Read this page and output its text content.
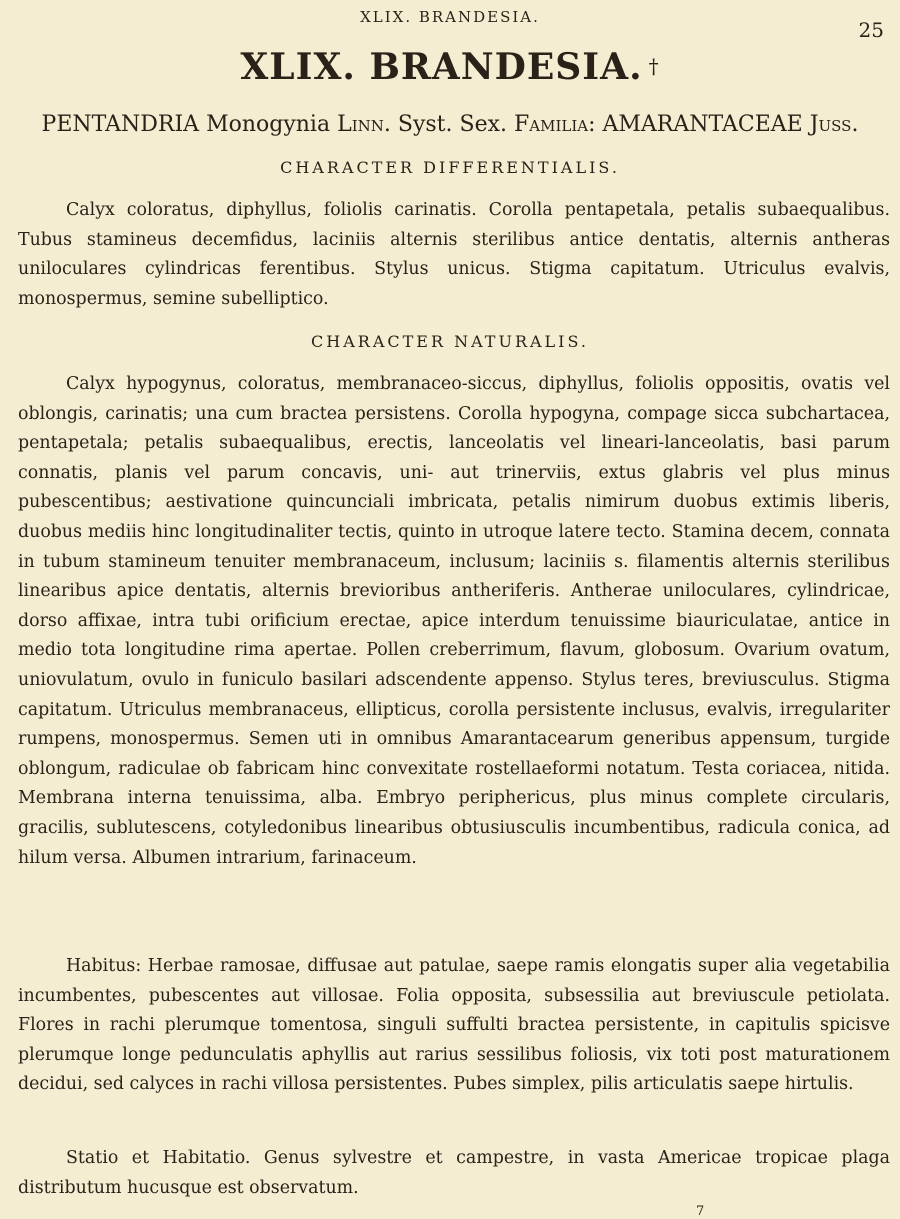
XLIX. BRANDESIA.
25
XLIX. BRANDESIA. †
PENTANDRIA Monogynia Linn. Syst. Sex. Familia: AMARANTACEAE Juss.
CHARACTER DIFFERENTIALIS.

Calyx coloratus, diphyllus, foliolis carinatis. Corolla pentapetala, petalis subaequalibus. Tubus stamineus decemfidus, laciniis alternis sterilibus antice dentatis, alternis antheras uniloculares cylindricas ferentibus. Stylus unicus. Stigma capitatum. Utriculus evalvis, monospermus, semine subelliptico.

CHARACTER NATURALIS.

Calyx hypogynus, coloratus, membranaceo-siccus, diphyllus, foliolis oppositis, ovatis vel oblongis, carinatis; una cum bractea persistens. Corolla hypogyna, compage sicca subchartacea, pentapetala; petalis subaequalibus, erectis, lanceolatis vel lineari-lanceolatis, basi parum connatis, planis vel parum concavis, uni- aut trinerviis, extus glabris vel plus minus pubescentibus; aestivatione quincunciali imbricata, petalis nimirum duobus extimis liberis, duobus mediis hinc longitudinaliter tectis, quinto in utroque latere tecto. Stamina decem, connata in tubum stamineum tenuiter membranaceum, inclusum; laciniis s. filamentis alternis sterilibus linearibus apice dentatis, alternis brevioribus antheriferis. Antherae uniloculares, cylindricae, dorso affixae, intra tubi orificium erectae, apice interdum tenuissime biauriculatae, antice in medio tota longitudine rima apertae. Pollen creberrimum, flavum, globosum. Ovarium ovatum, uniovulatum, ovulo in funiculo basilari adscendente appenso. Stylus teres, breviusculus. Stigma capitatum. Utriculus membranaceus, ellipticus, corolla persistente inclusus, evalvis, irregulariter rumpens, monospermus. Semen uti in omnibus Amarantacearum generibus appensum, turgide oblongum, radiculae ob fabricam hinc convexitate rostellaeformi notatum. Testa coriacea, nitida. Membrana interna tenuissima, alba. Embryo periphericus, plus minus complete circularis, gracilis, sublutescens, cotyledonibus linearibus obtusiusculis incumbentibus, radicula conica, ad hilum versa. Albumen intrarium, farinaceum.

Habitus: Herbae ramosae, diffusae aut patulae, saepe ramis elongatis super alia vegetabilia incumbentes, pubescentes aut villosae. Folia opposita, subsessilia aut breviuscule petiolata. Flores in rachi plerumque tomentosa, singuli suffulti bractea persistente, in capitulis spicisve plerumque longe pedunculatis aphyllis aut rarius sessilibus foliosis, vix toti post maturationem decidui, sed calyces in rachi villosa persistentes. Pubes simplex, pilis articulatis saepe hirtulis.

Statio et Habitatio. Genus sylvestre et campestre, in vasta Americae tropicae plaga distributum hucusque est observatum.

7
